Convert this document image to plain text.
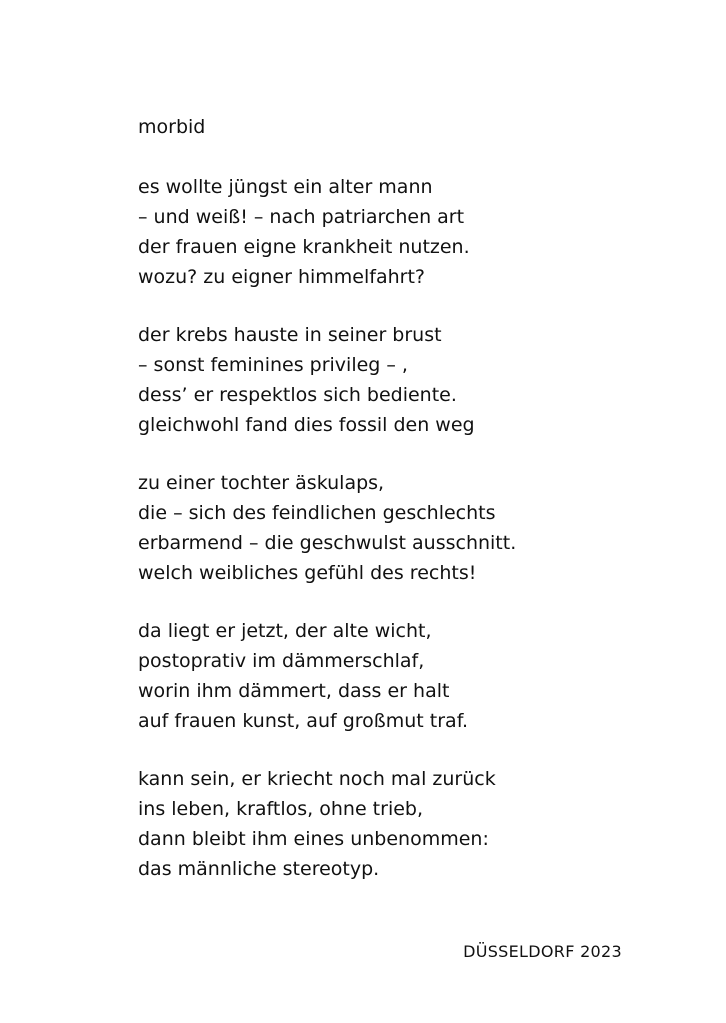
morbid
es wollte jüngst ein alter mann
– und weiß! – nach patriarchen art
der frauen eigne krankheit nutzen.
wozu? zu eigner himmelfahrt?
der krebs hauste in seiner brust
– sonst feminines privileg – ,
dess’ er respektlos sich bediente.
gleichwohl fand dies fossil den weg
zu einer tochter äskulaps,
die – sich des feindlichen geschlechts
erbarmend – die geschwulst ausschnitt.
welch weibliches gefühl des rechts!
da liegt er jetzt, der alte wicht,
postoprativ im dämmerschlaf,
worin ihm dämmert, dass er halt
auf frauen kunst, auf großmut traf.
kann sein, er kriecht noch mal zurück
ins leben, kraftlos, ohne trieb,
dann bleibt ihm eines unbenommen:
das männliche stereotyp.
DÜSSELDORF 2023
